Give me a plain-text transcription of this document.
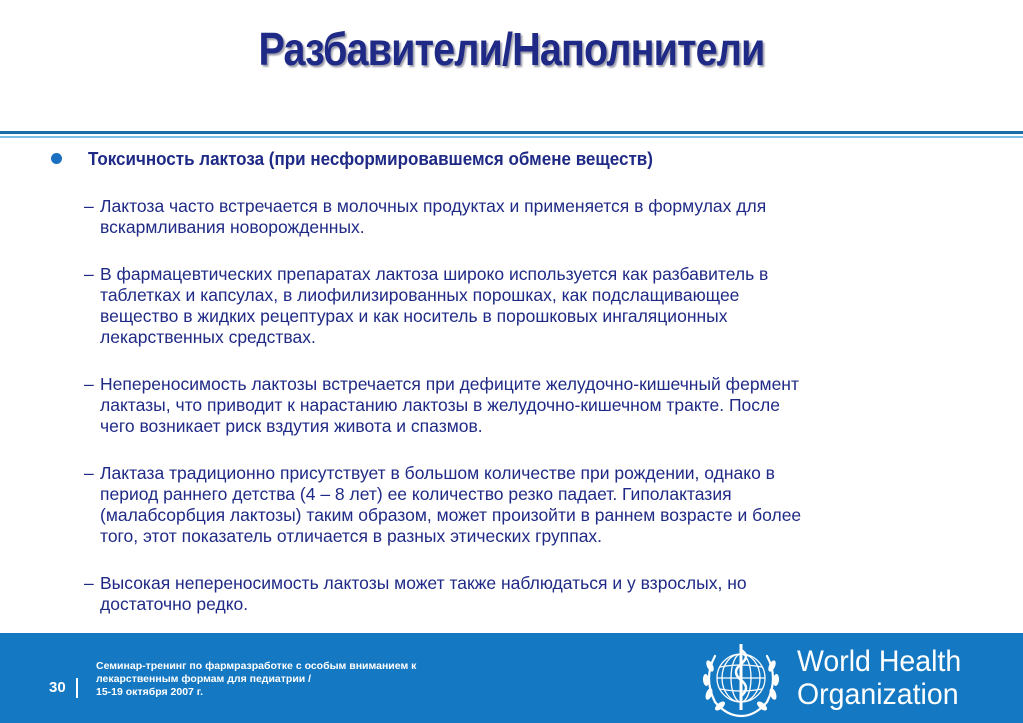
Разбавители/Наполнители
Токсичность лактоза (при несформировавшемся обмене веществ)
– Лактоза часто встречается в молочных продуктах и применяется в формулах для
вскармливания новорожденных.
– В фармацевтических препаратах лактоза широко используется как разбавитель в
таблетках и капсулах, в лиофилизированных порошках, как подслащивающее
вещество в жидких рецептурах и как носитель в порошковых ингаляционных
лекарственных средствах.
– Непереносимость лактозы встречается при дефиците желудочно-кишечный фермент
лактазы, что приводит к нарастанию лактозы в желудочно-кишечном тракте. После
чего возникает риск вздутия живота и спазмов.
– Лактаза традиционно присутствует в большом количестве при рождении, однако в
период раннего детства (4 – 8 лет) ее количество резко падает. Гиполактазия
(малабсорбция лактозы) таким образом, может произойти в раннем возрасте и более
того, этот показатель отличается в разных этических группах.
– Высокая непереносимость лактозы может также наблюдаться и у взрослых, но
достаточно редко.
30
Семинар-тренинг по фармразработке с особым вниманием к
лекарственным формам для педиатрии /
15-19 октября 2007 г.
World Health
Organization
